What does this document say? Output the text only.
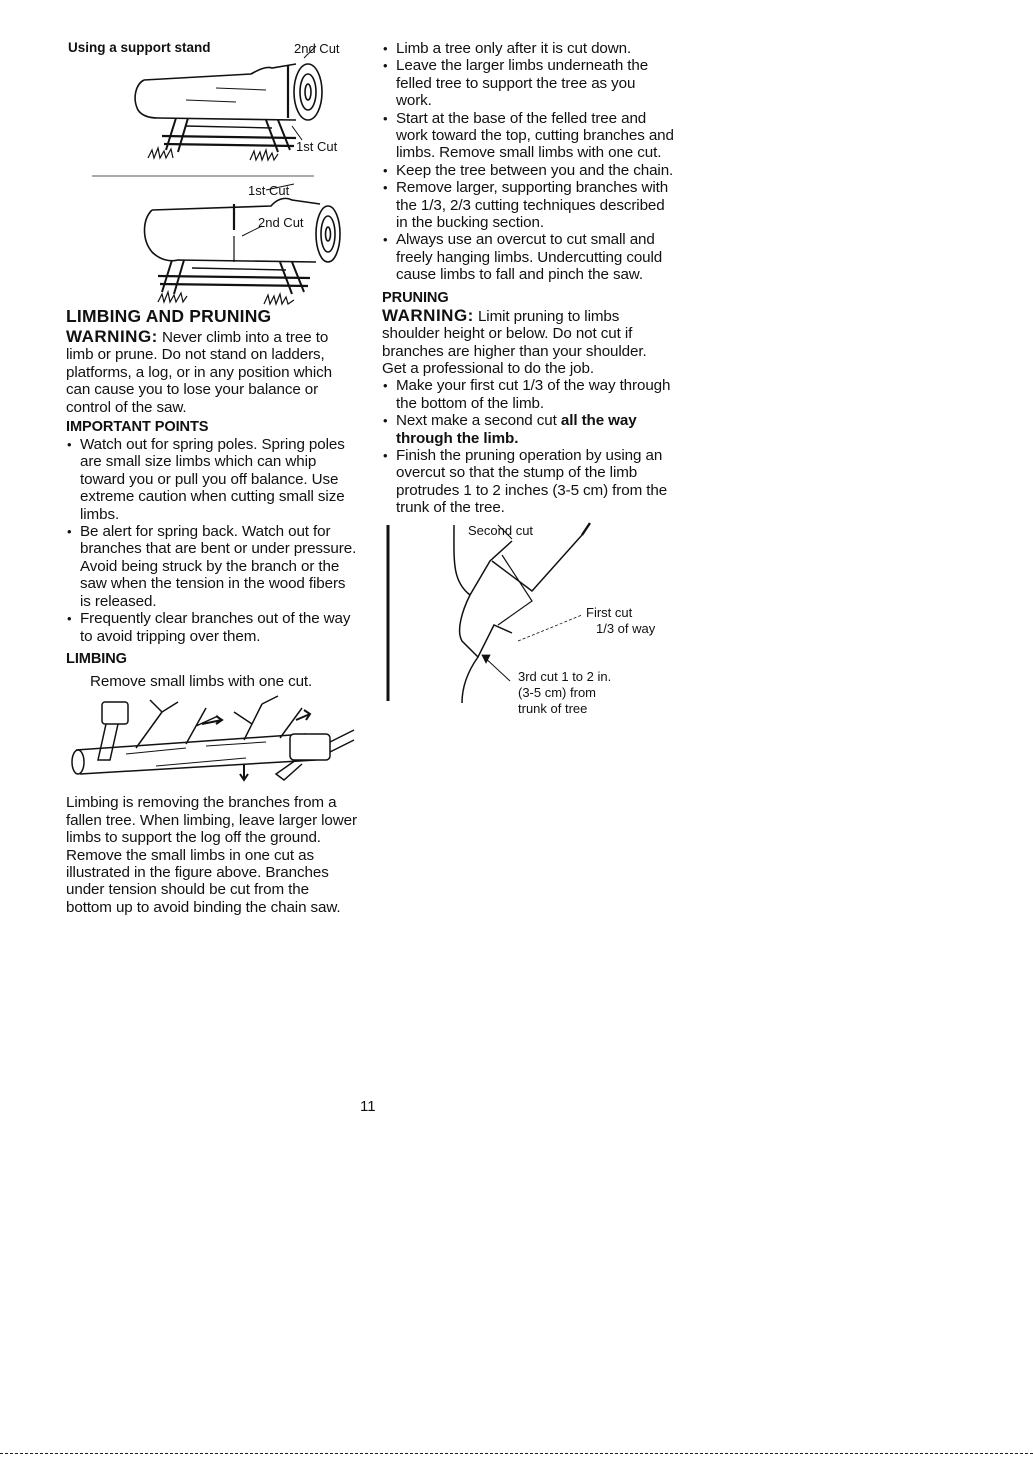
Using a support stand	2nd Cut
1st Cut
1st Cut
2nd Cut

LIMBING AND PRUNING

WARNING: Never climb into a tree to limb or prune. Do not stand on ladders, platforms, a log, or in any position which can cause you to lose your balance or control of the saw.

IMPORTANT POINTS

• Watch out for spring poles. Spring poles are small size limbs which can whip toward you or pull you off balance. Use extreme caution when cutting small size limbs.
• Be alert for spring back. Watch out for branches that are bent or under pressure. Avoid being struck by the branch or the saw when the tension in the wood fibers is released.
• Frequently clear branches out of the way to avoid tripping over them.

LIMBING

Remove small limbs with one cut.

Limbing is removing the branches from a fallen tree. When limbing, leave larger lower limbs to support the log off the ground. Remove the small limbs in one cut as illustrated in the figure above. Branches under tension should be cut from the bottom up to avoid binding the chain saw.

• Limb a tree only after it is cut down.
• Leave the larger limbs underneath the felled tree to support the tree as you work.
• Start at the base of the felled tree and work toward the top, cutting branches and limbs. Remove small limbs with one cut.
• Keep the tree between you and the chain.
• Remove larger, supporting branches with the 1/3, 2/3 cutting techniques described in the bucking section.
• Always use an overcut to cut small and freely hanging limbs. Undercutting could cause limbs to fall and pinch the saw.

PRUNING

WARNING: Limit pruning to limbs shoulder height or below. Do not cut if branches are higher than your shoulder. Get a professional to do the job.

• Make your first cut 1/3 of the way through the bottom of the limb.
• Next make a second cut all the way through the limb.
• Finish the pruning operation by using an overcut so that the stump of the limb protrudes 1 to 2 inches (3-5 cm) from the trunk of the tree.
Second cut
First cut
1/3 of way
3rd cut 1 to 2 in.
(3-5 cm) from
trunk of tree
11
